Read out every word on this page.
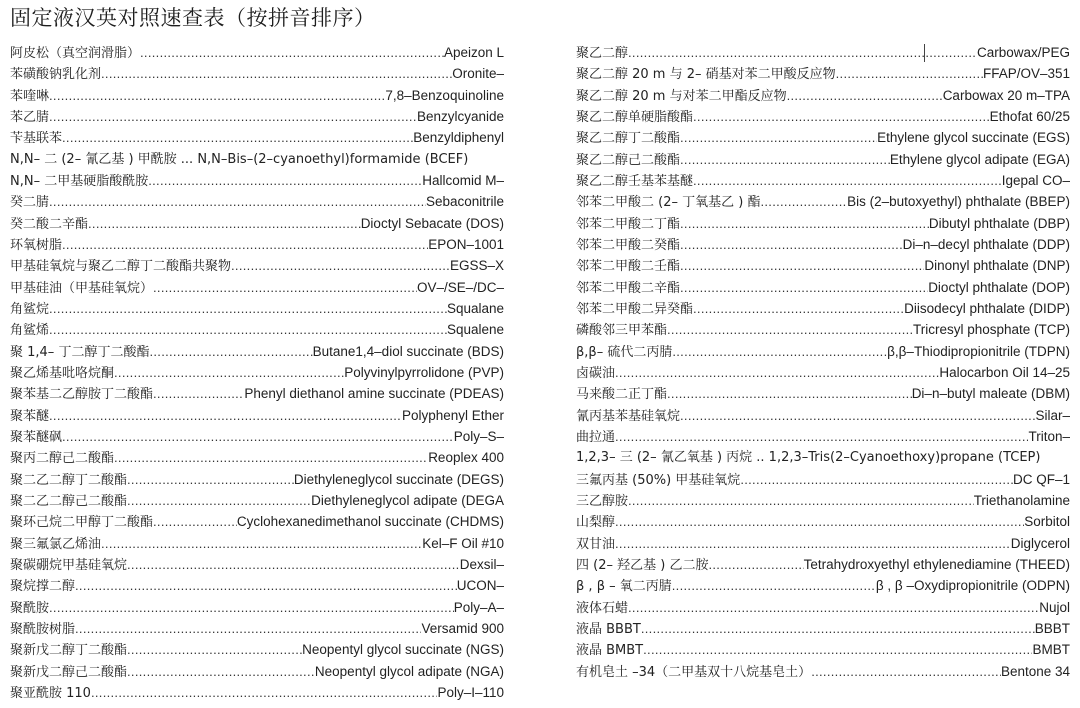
固定液汉英对照速查表（按拼音排序）
阿皮松（真空润滑脂） .....	Apeizon L
苯磺酸钠乳化剂 .....	Oronite–
苯喹啉 .....	7,8–Benzoquinoline
苯乙腈 .....	Benzylcyanide
苄基联苯 .....	Benzyldiphenyl
N,N– 二 (2– 氰乙基 ) 甲酰胺 ... N,N–Bis–(2–cyanoethyl)formamide (BCEF)
N,N– 二甲基硬脂酸酰胺 .....	Hallcomid M–
癸二腈 .....	Sebaconitrile
癸二酸二辛酯 .....	Dioctyl Sebacate (DOS)
环氧树脂 .....	EPON–1001
甲基硅氧烷与聚乙二醇丁二酸酯共聚物 .....	EGSS–X
甲基硅油（甲基硅氧烷） .....	OV–/SE–/DC–
角鲨烷 .....	Squalane
角鲨烯 .....	Squalene
聚 1,4– 丁二醇丁二酸酯 .....	Butane1,4–diol succinate (BDS)
聚乙烯基吡咯烷酮 .....	Polyvinylpyrrolidone (PVP)
聚苯基二乙醇胺丁二酸酯 .....	Phenyl diethanol amine succinate (PDEAS)
聚苯醚 .....	Polyphenyl Ether
聚苯醚砜 .....	Poly–S–
聚丙二醇己二酸酯 .....	Reoplex 400
聚二乙二醇丁二酸酯 .....	Diethyleneglycol succinate (DEGS)
聚二乙二醇己二酸酯 .....	Diethyleneglycol adipate (DEGA
聚环己烷二甲醇丁二酸酯 .....	Cyclohexanedimethanol succinate (CHDMS)
聚三氟氯乙烯油 .....	Kel–F Oil #10
聚碳硼烷甲基硅氧烷 .....	Dexsil–
聚烷撑二醇 .....	UCON–
聚酰胺 .....	Poly–A–
聚酰胺树脂 .....	Versamid 900
聚新戊二醇丁二酸酯 .....	Neopentyl glycol succinate (NGS)
聚新戊二醇己二酸酯 .....	Neopentyl glycol adipate (NGA)
聚亚酰胺 110 .....	Poly–I–110
聚乙二醇 .....	Carbowax/PEG
聚乙二醇 20 m 与 2– 硝基对苯二甲酸反应物 .....	FFAP/OV–351
聚乙二醇 20 m 与对苯二甲酯反应物 .....	Carbowax 20 m–TPA
聚乙二醇单硬脂酸酯 .....	Ethofat 60/25
聚乙二醇丁二酸酯 .....	Ethylene glycol succinate (EGS)
聚乙二醇己二酸酯 .....	Ethylene glycol adipate (EGA)
聚乙二醇壬基苯基醚 .....	Igepal CO–
邻苯二甲酸二 (2– 丁氧基乙 ) 酯 .....	Bis (2–butoxyethyl) phthalate (BBEP)
邻苯二甲酸二丁酯 .....	Dibutyl phthalate (DBP)
邻苯二甲酸二癸酯 .....	Di–n–decyl phthalate (DDP)
邻苯二甲酸二壬酯 .....	Dinonyl phthalate (DNP)
邻苯二甲酸二辛酯 .....	Dioctyl phthalate (DOP)
邻苯二甲酸二异癸酯 .....	Diisodecyl phthalate (DIDP)
磷酸邻三甲苯酯 .....	Tricresyl phosphate (TCP)
β,β– 硫代二丙腈 .....	β,β–Thiodipropionitrile (TDPN)
卤碳油 .....	Halocarbon Oil 14–25
马来酸二正丁酯 .....	Di–n–butyl maleate (DBM)
氰丙基苯基硅氧烷 .....	Silar–
曲拉通 .....	Triton–
1,2,3– 三 (2– 氰乙氧基 ) 丙烷 .. 1,2,3–Tris(2–Cyanoethoxy)propane (TCEP)
三氟丙基 (50%) 甲基硅氧烷 .....	DC QF–1
三乙醇胺 .....	Triethanolamine
山梨醇 .....	Sorbitol
双甘油 .....	Diglycerol
四 (2– 羟乙基 ) 乙二胺 .....	Tetrahydroxyethyl ethylenediamine (THEED)
β , β – 氧二丙腈 .....	β , β –Oxydipropionitrile (ODPN)
液体石蜡 .....	Nujol
液晶 BBBT .....	BBBT
液晶 BMBT .....	BMBT
有机皂土 –34（二甲基双十八烷基皂土） .....	Bentone 34
